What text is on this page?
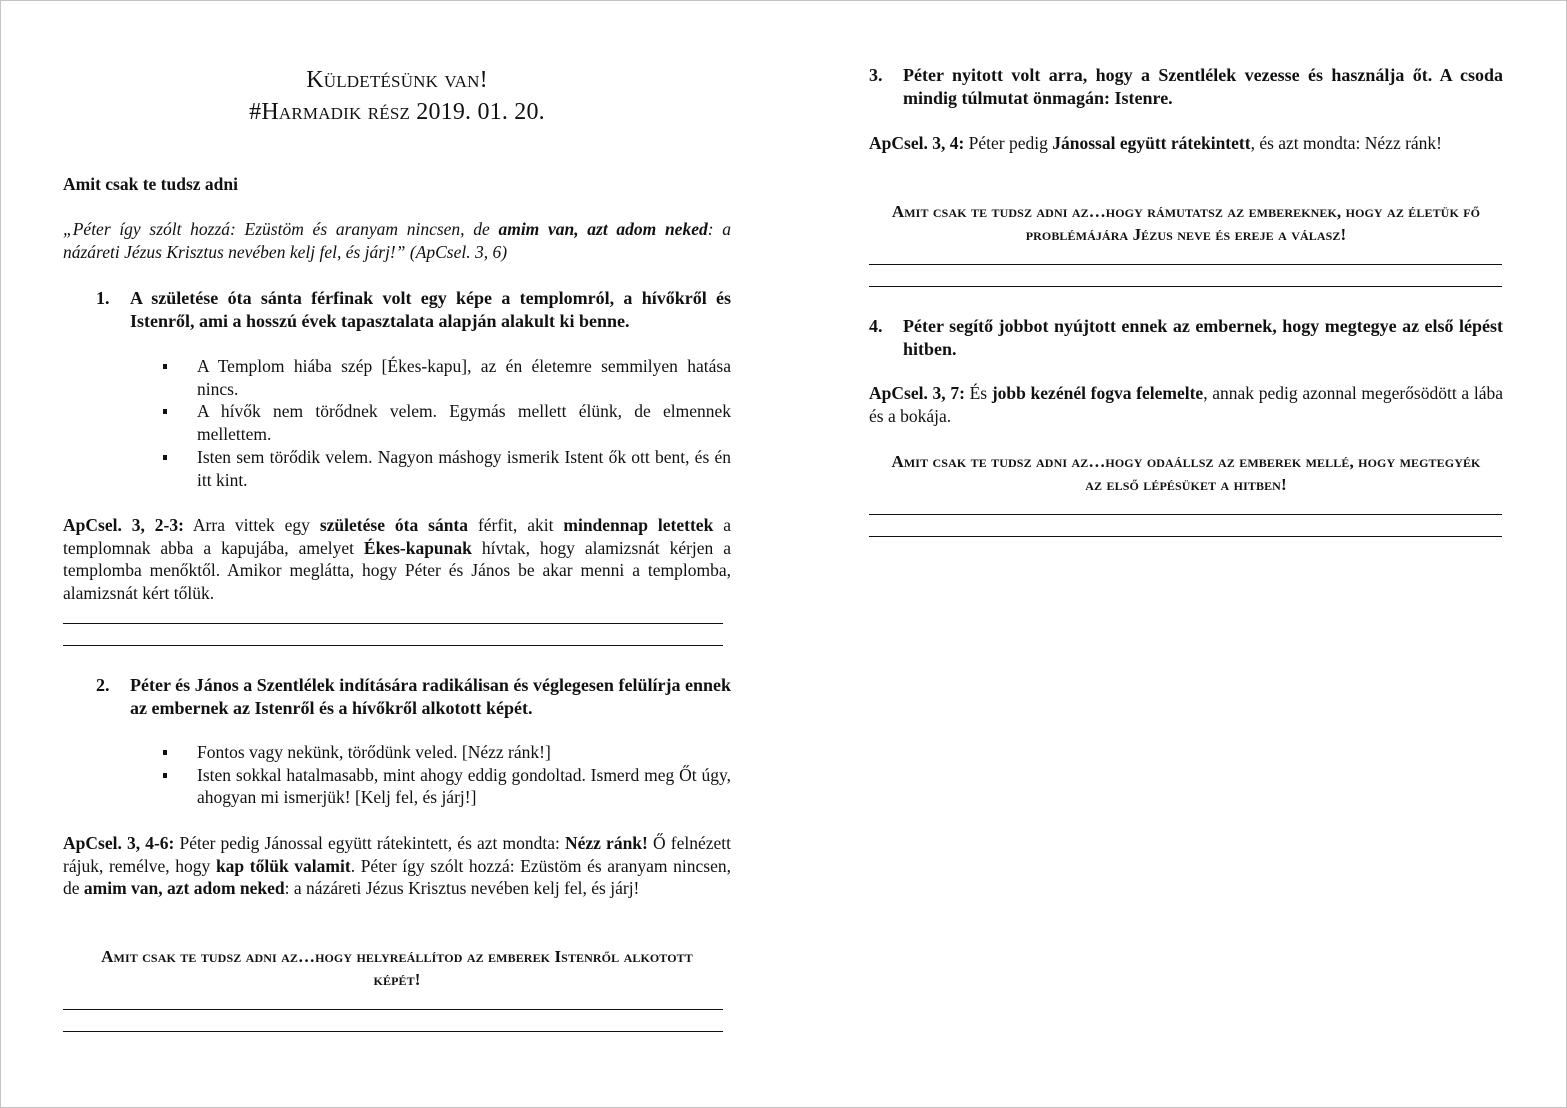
Küldetésünk van!
#Harmadik rész 2019. 01. 20.
Amit csak te tudsz adni
„Péter így szólt hozzá: Ezüstöm és aranyam nincsen, de amim van, azt adom neked: a názáreti Jézus Krisztus nevében kelj fel, és járj!” (ApCsel. 3, 6)
1. A születése óta sánta férfinak volt egy képe a templomról, a hívőkről és Istenről, ami a hosszú évek tapasztalata alapján alakult ki benne.
A Templom hiába szép [Ékes-kapu], az én életemre semmilyen hatása nincs.
A hívők nem törődnek velem. Egymás mellett élünk, de elmennek mellettem.
Isten sem törődik velem. Nagyon máshogy ismerik Istent ők ott bent, és én itt kint.
ApCsel. 3, 2-3: Arra vittek egy születése óta sánta férfit, akit mindennap letettek a templomnak abba a kapujába, amelyet Ékes-kapunak hívtak, hogy alamizsnát kérjen a templomba menőktől. Amikor meglátta, hogy Péter és János be akar menni a templomba, alamizsnát kért tőlük.
2. Péter és János a Szentlélek indítására radikálisan és véglegesen felülírja ennek az embernek az Istenről és a hívőkről alkotott képét.
Fontos vagy nekünk, törődünk veled. [Nézz ránk!]
Isten sokkal hatalmasabb, mint ahogy eddig gondoltad. Ismerd meg Őt úgy, ahogyan mi ismerjük! [Kelj fel, és járj!]
ApCsel. 3, 4-6: Péter pedig Jánossal együtt rátekintett, és azt mondta: Nézz ránk! Ő felnézett rájuk, remélve, hogy kap tőlük valamit. Péter így szólt hozzá: Ezüstöm és aranyam nincsen, de amim van, azt adom neked: a názáreti Jézus Krisztus nevében kelj fel, és járj!
Amit csak te tudsz adni az…hogy helyreállítod az emberek Istenről alkotott képét!
3. Péter nyitott volt arra, hogy a Szentlélek vezesse és használja őt. A csoda mindig túlmutat önmagán: Istenre.
ApCsel. 3, 4: Péter pedig Jánossal együtt rátekintett, és azt mondta: Nézz ránk!
Amit csak te tudsz adni az…hogy rámutatsz az embereknek, hogy az életük fő problémájára Jézus neve és ereje a válasz!
4. Péter segítő jobbot nyújtott ennek az embernek, hogy megtegye az első lépést hitben.
ApCsel. 3, 7: És jobb kezénél fogva felemelte, annak pedig azonnal megerősödött a lába és a bokája.
Amit csak te tudsz adni az…hogy odaállsz az emberek mellé, hogy megtegyék az első lépésüket a hitben!
